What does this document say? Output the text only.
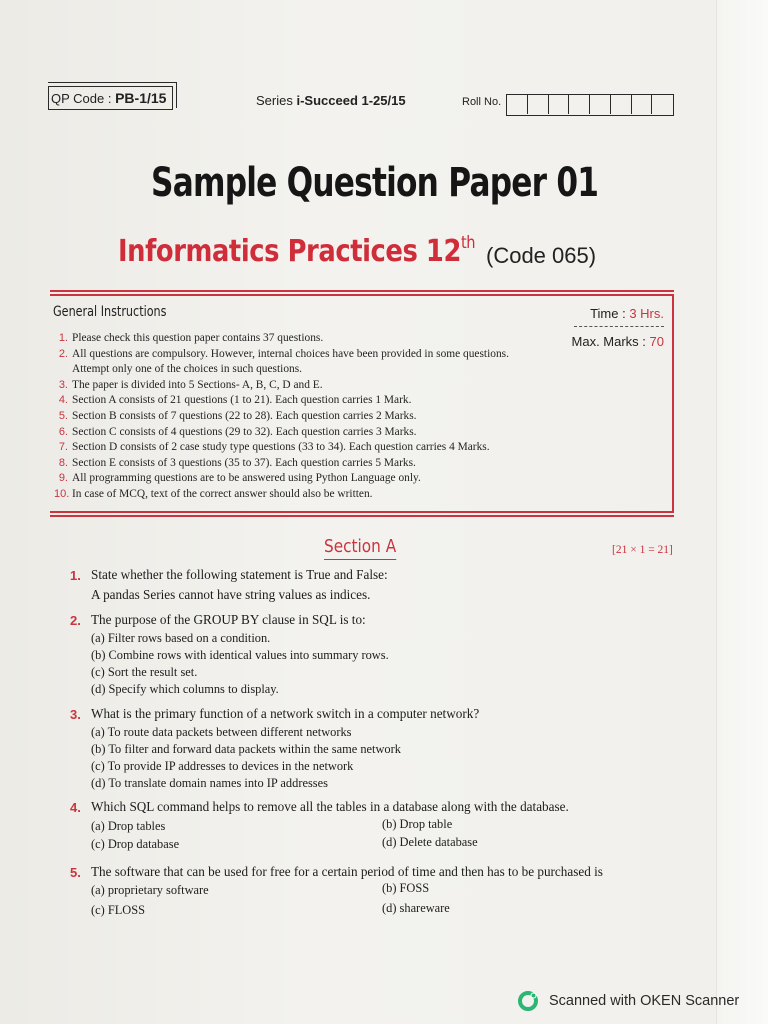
QP Code : PB-1/15	Series i-Succeed 1-25/15	Roll No.
Sample Question Paper 01
Informatics Practices 12th (Code 065)
General Instructions	Time : 3 Hrs.
Max. Marks : 70
1. Please check this question paper contains 37 questions.
2. All questions are compulsory. However, internal choices have been provided in some questions.
Attempt only one of the choices in such questions.
3. The paper is divided into 5 Sections- A, B, C, D and E.
4. Section A consists of 21 questions (1 to 21). Each question carries 1 Mark.
5. Section B consists of 7 questions (22 to 28). Each question carries 2 Marks.
6. Section C consists of 4 questions (29 to 32). Each question carries 3 Marks.
7. Section D consists of 2 case study type questions (33 to 34). Each question carries 4 Marks.
8. Section E consists of 3 questions (35 to 37). Each question carries 5 Marks.
9. All programming questions are to be answered using Python Language only.
10. In case of MCQ, text of the correct answer should also be written.
Section A	[21 × 1 = 21]
1. State whether the following statement is True and False:
A pandas Series cannot have string values as indices.
2. The purpose of the GROUP BY clause in SQL is to:
(a) Filter rows based on a condition.
(b) Combine rows with identical values into summary rows.
(c) Sort the result set.
(d) Specify which columns to display.
3. What is the primary function of a network switch in a computer network?
(a) To route data packets between different networks
(b) To filter and forward data packets within the same network
(c) To provide IP addresses to devices in the network
(d) To translate domain names into IP addresses
4. Which SQL command helps to remove all the tables in a database along with the database.
(a) Drop tables	(b) Drop table
(c) Drop database	(d) Delete database
5. The software that can be used for free for a certain period of time and then has to be purchased is
(a) proprietary software	(b) FOSS
(c) FLOSS	(d) shareware
Scanned with OKEN Scanner
